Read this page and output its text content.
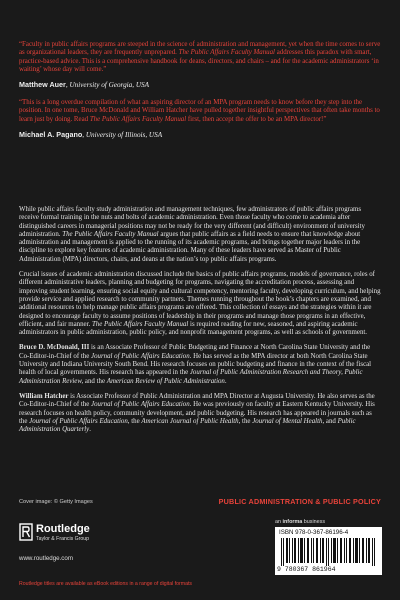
“Faculty in public affairs programs are steeped in the science of administration and management, yet when the time comes to serve as organizational leaders, they are frequently unprepared. The Public Affairs Faculty Manual addresses this paradox with smart, practice-based advice. This is a comprehensive handbook for deans, directors, and chairs – and for the academic administrators ‘in waiting’ whose day will come.”

Matthew Auer, University of Georgia, USA

“This is a long overdue compilation of what an aspiring director of an MPA program needs to know before they step into the position. In one tome, Bruce McDonald and William Hatcher have pulled together insightful perspectives that often take months to learn just by doing. Read The Public Affairs Faculty Manual first, then accept the offer to be an MPA director!”

Michael A. Pagano, University of Illinois, USA

While public affairs faculty study administration and management techniques, few administrators of public affairs programs receive formal training in the nuts and bolts of academic administration. Even those faculty who come to academia after distinguished careers in managerial positions may not be ready for the very different (and difficult) environment of university administration. The Public Affairs Faculty Manual argues that public affairs as a field needs to ensure that knowledge about administration and management is applied to the running of its academic programs, and brings together major leaders in the discipline to explore key features of academic administration. Many of these leaders have served as Master of Public Administration (MPA) directors, chairs, and deans at the nation’s top public affairs programs.

Crucial issues of academic administration discussed include the basics of public affairs programs, models of governance, roles of different administrative leaders, planning and budgeting for programs, navigating the accreditation process, assessing and improving student learning, ensuring social equity and cultural competency, mentoring faculty, developing curriculum, and helping provide service and applied research to community partners. Themes running throughout the book’s chapters are examined, and additional resources to help manage public affairs programs are offered. This collection of essays and the strategies within it are designed to encourage faculty to assume positions of leadership in their programs and manage those programs in an effective, efficient, and fair manner. The Public Affairs Faculty Manual is required reading for new, seasoned, and aspiring academic administrators in public administration, public policy, and nonprofit management programs, as well as schools of government.

Bruce D. McDonald, III is an Associate Professor of Public Budgeting and Finance at North Carolina State University and the Co-Editor-in-Chief of the Journal of Public Affairs Education. He has served as the MPA director at both North Carolina State University and Indiana University South Bend. His research focuses on public budgeting and finance in the context of the fiscal health of local governments. His research has appeared in the Journal of Public Administration Research and Theory, Public Administration Review, and the American Review of Public Administration.

William Hatcher is Associate Professor of Public Administration and MPA Director at Augusta University. He also serves as the Co-Editor-in-Chief of the Journal of Public Affairs Education. He was previously on faculty at Eastern Kentucky University. His research focuses on health policy, community development, and public budgeting. His research has appeared in journals such as the Journal of Public Affairs Education, the American Journal of Public Health, the Journal of Mental Health, and Public Administration Quarterly.

Cover image: © Getty Images	PUBLIC ADMINISTRATION & PUBLIC POLICY
Routledge
Taylor & Francis Group
www.routledge.com
an informa business
ISBN 978-0-367-86196-4
9 780367 861964
Routledge titles are available as eBook editions in a range of digital formats
